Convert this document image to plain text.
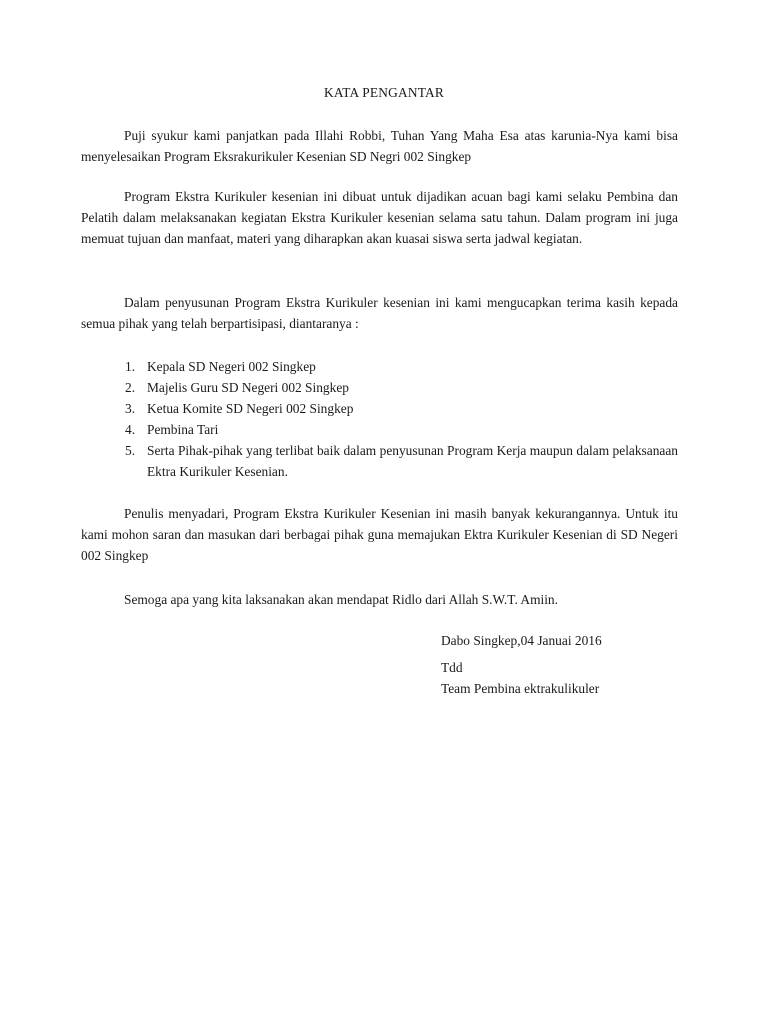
KATA PENGANTAR

Puji syukur kami panjatkan pada Illahi Robbi, Tuhan Yang Maha Esa atas karunia-Nya kami bisa menyelesaikan Program Eksrakurikuler Kesenian SD Negri 002 Singkep

Program Ekstra Kurikuler kesenian ini dibuat untuk dijadikan acuan bagi kami selaku Pembina dan Pelatih dalam melaksanakan kegiatan Ekstra Kurikuler kesenian selama satu tahun. Dalam program ini juga memuat tujuan dan manfaat, materi yang diharapkan akan kuasai siswa serta jadwal kegiatan.

Dalam penyusunan Program Ekstra Kurikuler kesenian ini kami mengucapkan terima kasih kepada semua pihak yang telah berpartisipasi, diantaranya :

1. Kepala SD Negeri 002 Singkep
2. Majelis Guru SD Negeri 002 Singkep
3. Ketua Komite SD Negeri 002 Singkep
4. Pembina Tari
5. Serta Pihak-pihak yang terlibat baik dalam penyusunan Program Kerja maupun dalam pelaksanaan Ektra Kurikuler Kesenian.

Penulis menyadari, Program Ekstra Kurikuler Kesenian ini masih banyak kekurangannya. Untuk itu kami mohon saran dan masukan dari berbagai pihak guna memajukan Ektra Kurikuler Kesenian di SD Negeri 002 Singkep

Semoga apa yang kita laksanakan akan mendapat Ridlo dari Allah S.W.T. Amiin.

Dabo Singkep,04 Januai 2016

Tdd

Team Pembina ektrakulikuler
